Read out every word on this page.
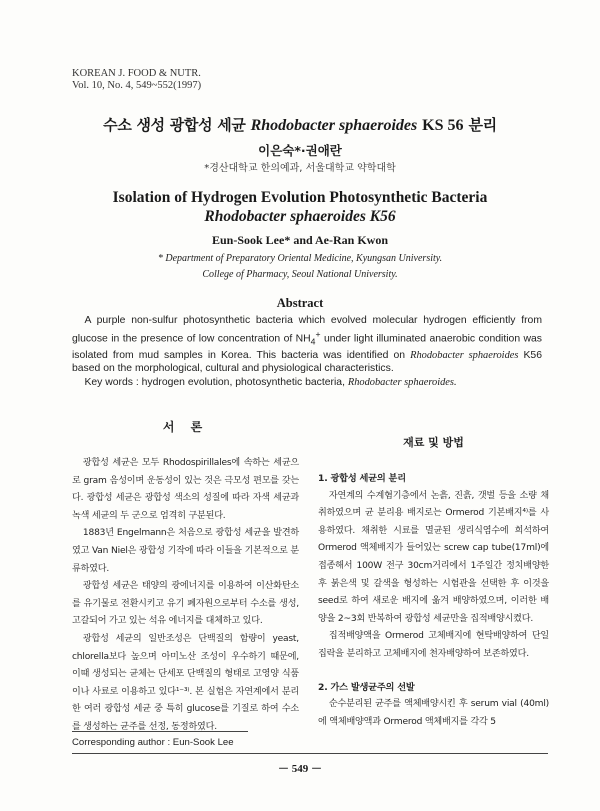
KOREAN J. FOOD & NUTR.
Vol. 10, No. 4, 549~552(1997)
수소 생성 광합성 세균 Rhodobacter sphaeroides KS 56 분리
이은숙*·권애란
*경산대학교 한의예과, 서울대학교 약학대학
Isolation of Hydrogen Evolution Photosynthetic Bacteria
Rhodobacter sphaeroides K56
Eun-Sook Lee* and Ae-Ran Kwon
* Department of Preparatory Oriental Medicine, Kyungsan University.
College of Pharmacy, Seoul National University.
Abstract

A purple non-sulfur photosynthetic bacteria which evolved molecular hydrogen efficiently from glucose in the presence of low concentration of $NH_4^+$ under light illuminated anaerobic condition was isolated from mud samples in Korea. This bacteria was identified on Rhodobacter sphaeroides K56 based on the morphological, cultural and physiological characteristics.

Key words : hydrogen evolution, photosynthetic bacteria, Rhodobacter sphaeroides.

서 론

광합성 세균은 모두 Rhodospirillales에 속하는 세균으로 gram 음성이며 운동성이 있는 것은 극모성 편모를 갖는다. 광합성 세균은 광합성 색소의 성질에 따라 자색 세균과 녹색 세균의 두 군으로 엄격히 구분된다.

1883년 Engelmann은 처음으로 광합성 세균을 발견하였고 Van Niel은 광합성 기작에 따라 이들을 기본적으로 분류하였다.

광합성 세균은 태양의 광에너지를 이용하여 이산화탄소를 유기물로 전환시키고 유기 폐자원으로부터 수소를 생성, 고갈되어 가고 있는 석유 에너지를 대체하고 있다.

광합성 세균의 일반조성은 단백질의 함량이 yeast, chlorella보다 높으며 아미노산 조성이 우수하기 때문에, 이때 생성되는 균체는 단세포 단백질의 형태로 고영양 식품이나 사료로 이용하고 있다¹⁻³⁾. 본 실험은 자연계에서 분리한 여러 광합성 세균 중 특히 glucose를 기질로 하여 수소를 생성하는 균주를 선정, 동정하였다.

재료 및 방법

1. 광합성 세균의 분리

자연계의 수계혐기층에서 논흙, 진흙, 갯벌 등을 소량 채취하였으며 균 분리용 배지로는 Ormerod 기본배지⁴⁾를 사용하였다. 채취한 시료를 멸균된 생리식염수에 희석하여 Ormerod 액체배지가 들어있는 screw cap tube(17ml)에 접종해서 100W 전구 30cm거리에서 1주일간 정치배양한 후 붉은색 및 갈색을 형성하는 시험관을 선택한 후 이것을 seed로 하여 새로운 배지에 옮겨 배양하였으며, 이러한 배양을 2~3회 반복하여 광합성 세균만을 집적배양시켰다.

집적배양액을 Ormerod 고체배지에 현탁배양하여 단일 집락을 분리하고 고체배지에 천자배양하여 보존하였다.

2. 가스 발생균주의 선발

순수분리된 균주를 액체배양시킨 후 serum vial (40ml)에 액체배양액과 Ormerod 액체배지를 각각 5

Corresponding author : Eun-Sook Lee
－ 549 －
